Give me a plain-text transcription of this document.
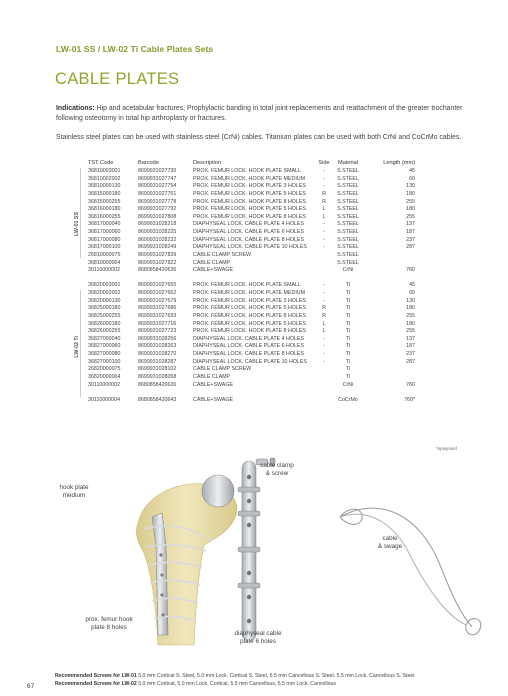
LW-01 SS / LW-02 Ti Cable Plates Sets
CABLE PLATES
Indications: Hip and acetabular fractures, Prophylactic banding in total joint replacements and reattachment of the greater trochanter following osteotomy in total hip arthroplasty or fractures.
Stainless steel plates can be used with stainless steel (CrNi) cables. Titanium plates can be used with both CrNi and CoCrMo cables.
LW-01 SS
LW-02 Ti
TST Code	Barcode	Description	Side	Material	Length (mm)
36810003001	8699931027730	PROX. FEMUR LOCK. HOOK PLATE SMALL	-	S.STEEL	45
36810002002	8699931027747	PROX. FEMUR LOCK. HOOK PLATE MEDIUM	-	S.STEEL	60
36810000130	8699931027754	PROX. FEMUR LOCK. HOOK PLATE 3 HOLES	-	S.STEEL	130
36815000180	8699931027761	PROX. FEMUR LOCK. HOOK PLATE 5 HOLES	R	S.STEEL	180
36815000255	8699931027778	PROX. FEMUR LOCK. HOOK PLATE 8 HOLES	R	S.STEEL	255
36816000180	8699931027792	PROX. FEMUR LOCK. HOOK PLATE 5 HOLES	L	S.STEEL	180
36816000255	8699931027808	PROX. FEMUR LOCK. HOOK PLATE 8 HOLES	L	S.STEEL	255
36817000040	8699931028218	DIAPHYSEAL LOCK. CABLE PLATE 4 HOLES	-	S.STEEL	137
36817000060	8699931028225	DIAPHYSEAL LOCK. CABLE PLATE 6 HOLES	-	S.STEEL	187
36817000080	8699931028232	DIAPHYSEAL LOCK. CABLE PLATE 8 HOLES	-	S.STEEL	237
36817000100	8699931028249	DIAPHYSEAL LOCK. CABLE PLATE 10 HOLES	-	S.STEEL	287
26810000075	8699931027839	CABLE CLAMP SCREW		S.STEEL	
36810000004	8699931027822	CABLE CLAMP		S.STEEL	
30110000002	8680858420636	CABLE+SWAGE		CrNi	760

36820003001	8699931027655	PROX. FEMUR LOCK. HOOK PLATE SMALL	-	Ti	45
36820002002	8699931027662	PROX. FEMUR LOCK. HOOK PLATE MEDIUM	-	Ti	60
36820000130	8699931027679	PROX. FEMUR LOCK. HOOK PLATE 3 HOLES	-	Ti	130
36825000180	8699931027686	PROX. FEMUR LOCK. HOOK PLATE 5 HOLES	R	Ti	180
36825000255	8699931027693	PROX. FEMUR LOCK. HOOK PLATE 8 HOLES	R	Ti	255
36826000180	8699931027716	PROX. FEMUR LOCK. HOOK PLATE 5 HOLES	L	Ti	180
36826000255	8699931027723	PROX. FEMUR LOCK. HOOK PLATE 8 HOLES	L	Ti	255
36827000040	8699931028256	DIAPHYSEAL LOCK. CABLE PLATE 4 HOLES	-	Ti	137
36827000060	8699931028263	DIAPHYSEAL LOCK. CABLE PLATE 6 HOLES	-	Ti	187
36827000080	8699931028270	DIAPHYSEAL LOCK. CABLE PLATE 8 HOLES	-	Ti	237
36827000100	8699931028287	DIAPHYSEAL LOCK. CABLE PLATE 10 HOLES	-	Ti	287
26820000075	8699931028102	CABLE CLAMP SCREW		Ti	
36820000004	8699931028058	CABLE CLAMP		Ti	
30110000002	8680858420636	CABLE+SWAGE		CrNi	760

30110000004	8680858420643	CABLE+SWAGE		CoCrMo	760*
*opsiyonel
hook plate
medium
prox. femur hook
plate 8 holes
cable clamp
& screw
cable
& swage
diaphyseal cable
plate 6 holes
Recommended Screws for LW-01 5.0 mm Cortical S. Steel, 5.0 mm Lock. Cortical S. Steel, 5.5 mm Cancellous S. Steel, 5.5 mm Lock. Cancellous S. Steel
Recommended Screws for LW-02 5.0 mm Cortical, 5.0 mm Lock. Cortical, 5.5 mm Cancellous, 5.5 mm Lock. Cancellous
67
